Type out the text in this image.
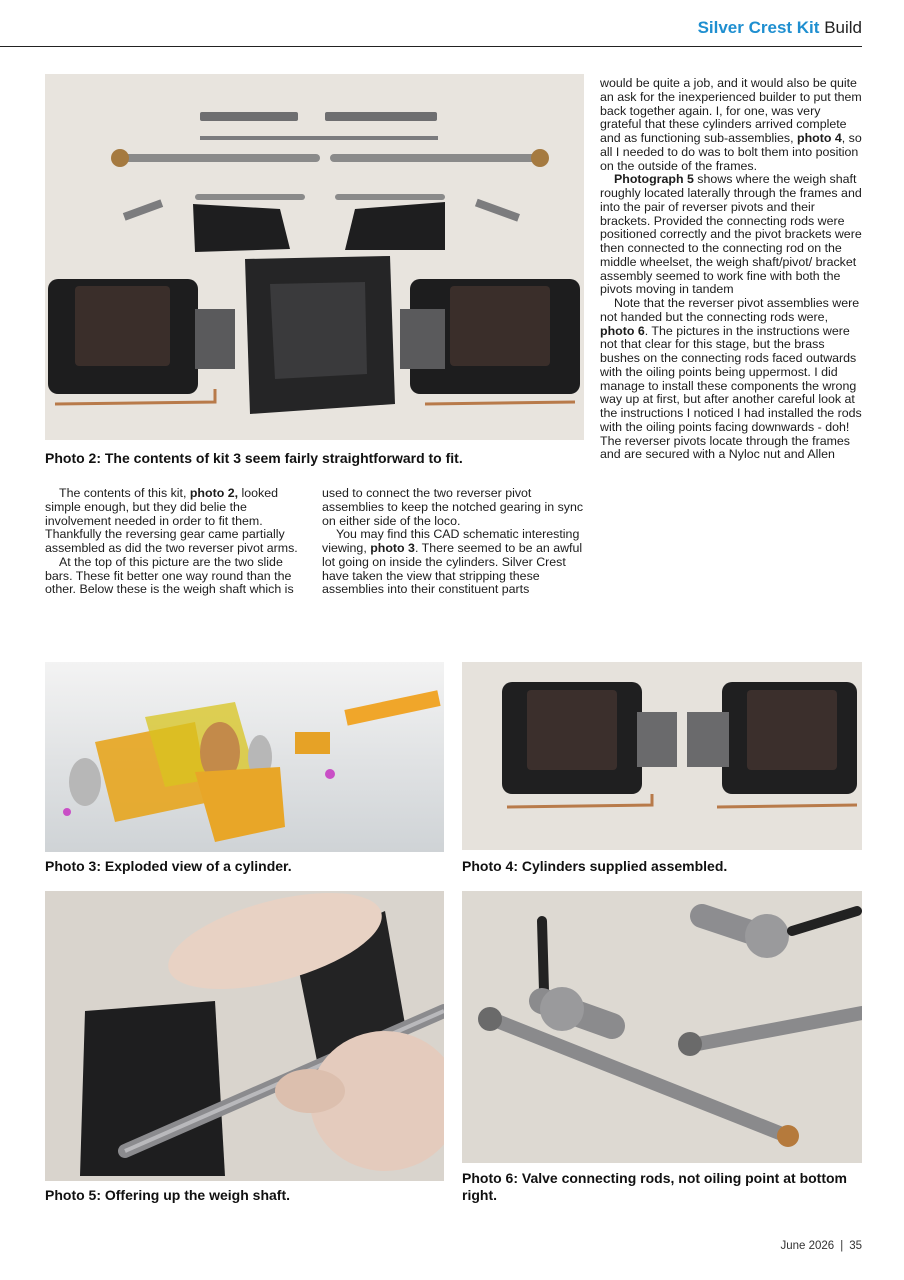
Silver Crest Kit Build
Photo 2: The contents of kit 3 seem fairly straightforward to fit.

The contents of this kit, photo 2, looked simple enough, but they did belie the involvement needed in order to fit them. Thankfully the reversing gear came partially assembled as did the two reverser pivot arms.

At the top of this picture are the two slide bars. These fit better one way round than the other. Below these is the weigh shaft which is

used to connect the two reverser pivot assemblies to keep the notched gearing in sync on either side of the loco.

You may find this CAD schematic interesting viewing, photo 3. There seemed to be an awful lot going on inside the cylinders. Silver Crest have taken the view that stripping these assemblies into their constituent parts

would be quite a job, and it would also be quite an ask for the inexperienced builder to put them back together again. I, for one, was very grateful that these cylinders arrived complete and as functioning sub-assemblies, photo 4, so all I needed to do was to bolt them into position on the outside of the frames.

Photograph 5 shows where the weigh shaft roughly located laterally through the frames and into the pair of reverser pivots and their brackets. Provided the connecting rods were positioned correctly and the pivot brackets were then connected to the connecting rod on the middle wheelset, the weigh shaft/pivot/ bracket assembly seemed to work fine with both the pivots moving in tandem

Note that the reverser pivot assemblies were not handed but the connecting rods were, photo 6. The pictures in the instructions were not that clear for this stage, but the brass bushes on the connecting rods faced outwards with the oiling points being uppermost. I did manage to install these components the wrong way up at first, but after another careful look at the instructions I noticed I had installed the rods with the oiling points facing downwards - doh! The reverser pivots locate through the frames and are secured with a Nyloc nut and Allen

Photo 3: Exploded view of a cylinder.	Photo 4: Cylinders supplied assembled.
Photo 5: Offering up the weigh shaft.
Photo 6: Valve connecting rods, not oiling point at bottom right.
June 2026 | 35
